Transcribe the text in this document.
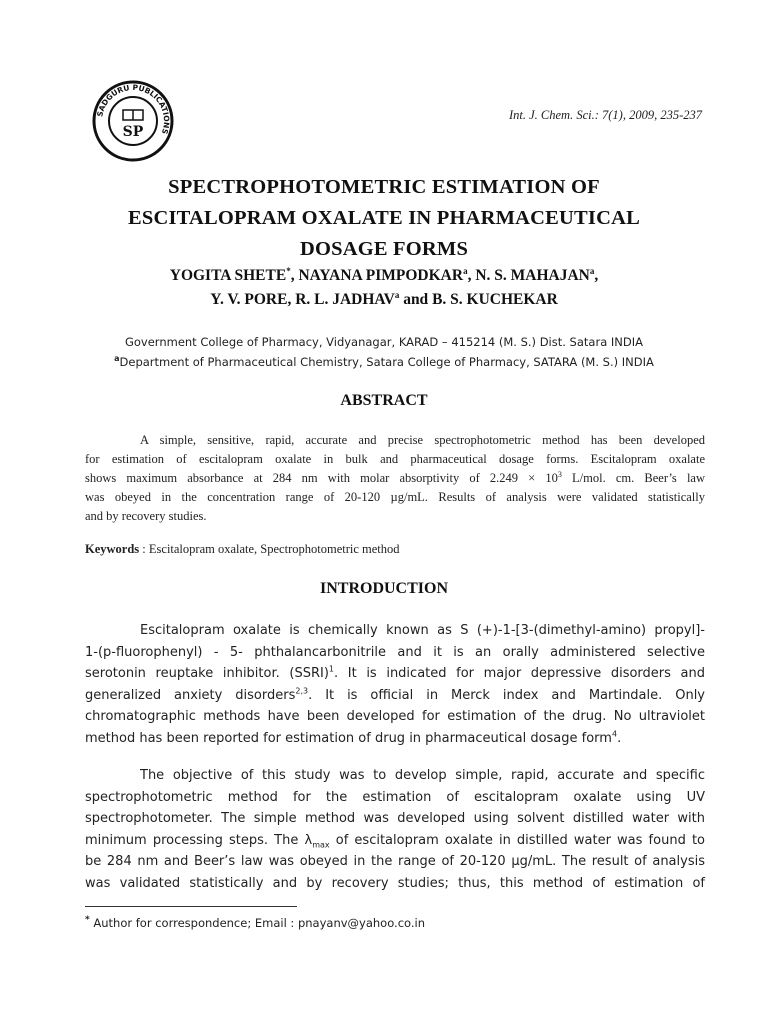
SADGURU PUBLICATIONS
SP
Int. J. Chem. Sci.: 7(1), 2009, 235-237
SPECTROPHOTOMETRIC ESTIMATION OF
ESCITALOPRAM OXALATE IN PHARMACEUTICAL
DOSAGE FORMS
YOGITA SHETE*, NAYANA PIMPODKAR$^a$, N. S. MAHAJAN$^a$,
Y. V. PORE, R. L. JADHAV$^a$ and B. S. KUCHEKAR
Government College of Pharmacy, Vidyanagar, KARAD – 415214 (M. S.) Dist. Satara INDIA
$^a$Department of Pharmaceutical Chemistry, Satara College of Pharmacy, SATARA (M. S.) INDIA
ABSTRACT
A simple, sensitive, rapid, accurate and precise spectrophotometric method has been developed
for estimation of escitalopram oxalate in bulk and pharmaceutical dosage forms. Escitalopram oxalate
shows maximum absorbance at 284 nm with molar absorptivity of $2.249 \times 10^3$ L/mol. cm. Beer’s law
was obeyed in the concentration range of 20-120 µg/mL. Results of analysis were validated statistically
and by recovery studies.
Keywords : Escitalopram oxalate, Spectrophotometric method
INTRODUCTION
Escitalopram oxalate is chemically known as S (+)-1-[3-(dimethyl-amino) propyl]-
1-(p-fluorophenyl) - 5- phthalancarbonitrile and it is an orally administered selective
serotonin reuptake inhibitor. (SSRI)$^1$. It is indicated for major depressive disorders and
generalized anxiety disorders$^{2,3}$. It is official in Merck index and Martindale. Only
chromatographic methods have been developed for estimation of the drug. No ultraviolet
method has been reported for estimation of drug in pharmaceutical dosage form$^4$.
The objective of this study was to develop simple, rapid, accurate and specific
spectrophotometric method for the estimation of escitalopram oxalate using UV
spectrophotometer. The simple method was developed using solvent distilled water with
minimum processing steps. The $\lambda_{max}$ of escitalopram oxalate in distilled water was found to
be 284 nm and Beer’s law was obeyed in the range of 20-120 µg/mL. The result of analysis
was validated statistically and by recovery studies; thus, this method of estimation of
* Author for correspondence; Email : pnayanv@yahoo.co.in
